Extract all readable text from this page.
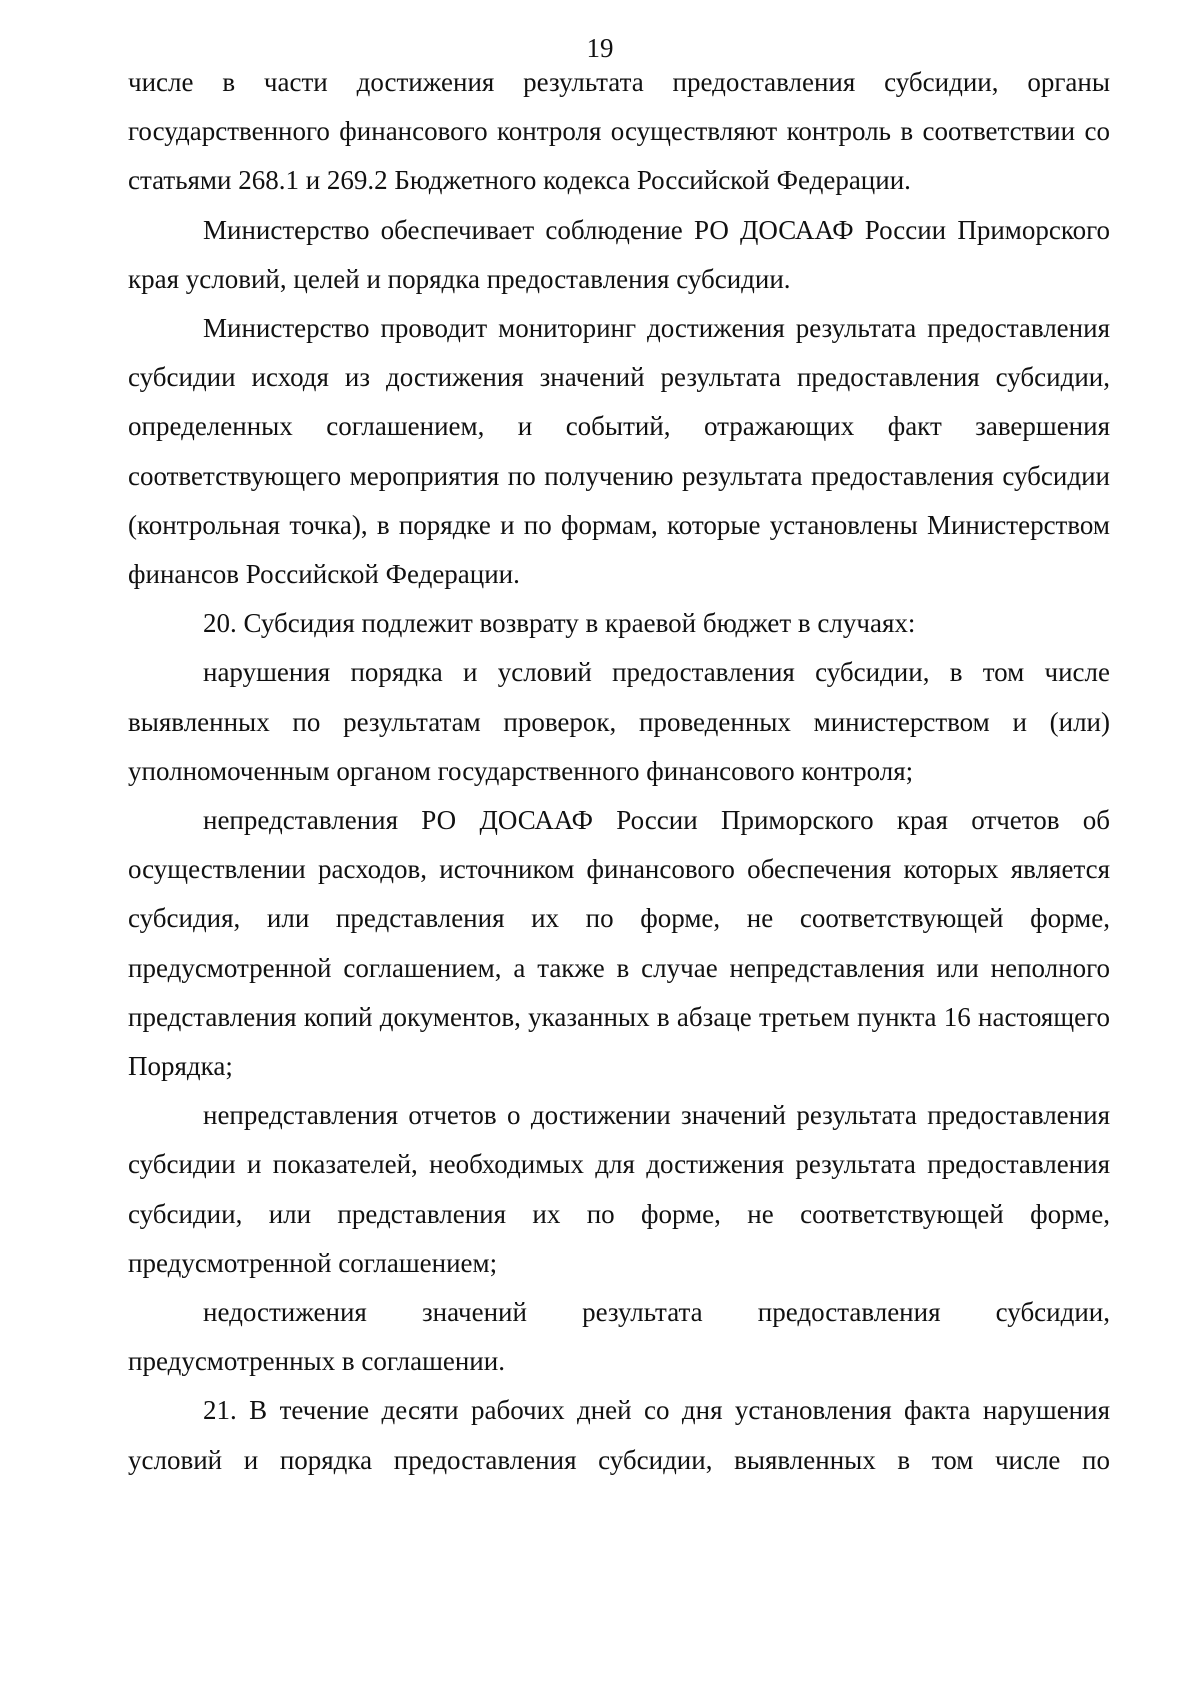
19

числе в части достижения результата предоставления субсидии, органы государственного финансового контроля осуществляют контроль в соответствии со статьями 268.1 и 269.2 Бюджетного кодекса Российской Федерации.

Министерство обеспечивает соблюдение РО ДОСААФ России Приморского края условий, целей и порядка предоставления субсидии.

Министерство проводит мониторинг достижения результата предоставления субсидии исходя из достижения значений результата предоставления субсидии, определенных соглашением, и событий, отражающих факт завершения соответствующего мероприятия по получению результата предоставления субсидии (контрольная точка), в порядке и по формам, которые установлены Министерством финансов Российской Федерации.

20. Субсидия подлежит возврату в краевой бюджет в случаях:

нарушения порядка и условий предоставления субсидии, в том числе выявленных по результатам проверок, проведенных министерством и (или) уполномоченным органом государственного финансового контроля;

непредставления РО ДОСААФ России Приморского края отчетов об осуществлении расходов, источником финансового обеспечения которых является субсидия, или представления их по форме, не соответствующей форме, предусмотренной соглашением, а также в случае непредставления или неполного представления копий документов, указанных в абзаце третьем пункта 16 настоящего Порядка;

непредставления отчетов о достижении значений результата предоставления субсидии и показателей, необходимых для достижения результата предоставления субсидии, или представления их по форме, не соответствующей форме, предусмотренной соглашением;

недостижения значений результата предоставления субсидии, предусмотренных в соглашении.

21. В течение десяти рабочих дней со дня установления факта нарушения условий и порядка предоставления субсидии, выявленных в том числе по
